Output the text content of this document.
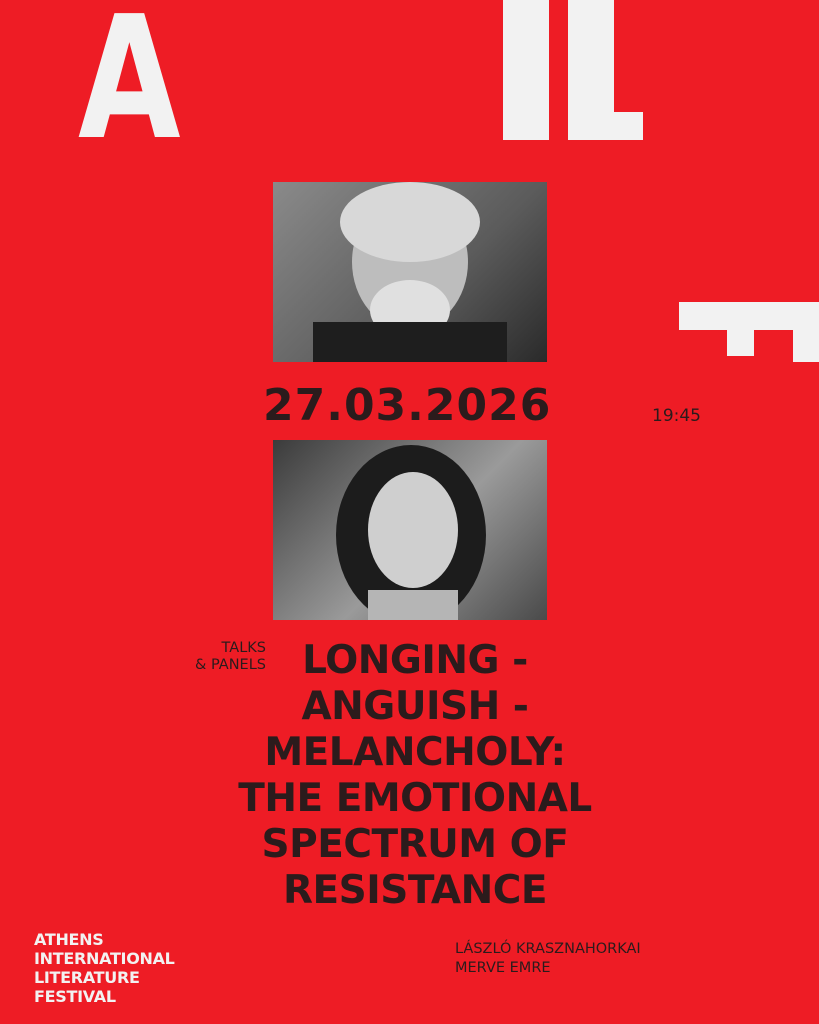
A
27.03.2026	19:45
TALKS
& PANELS LONGING -
ANGUISH -
MELANCHOLY:
THE EMOTIONAL
SPECTRUM OF
RESISTANCE
ATHENS
INTERNATIONAL
LITERATURE
FESTIVAL
LÁSZLÓ KRASZNAHORKAI
MERVE EMRE
